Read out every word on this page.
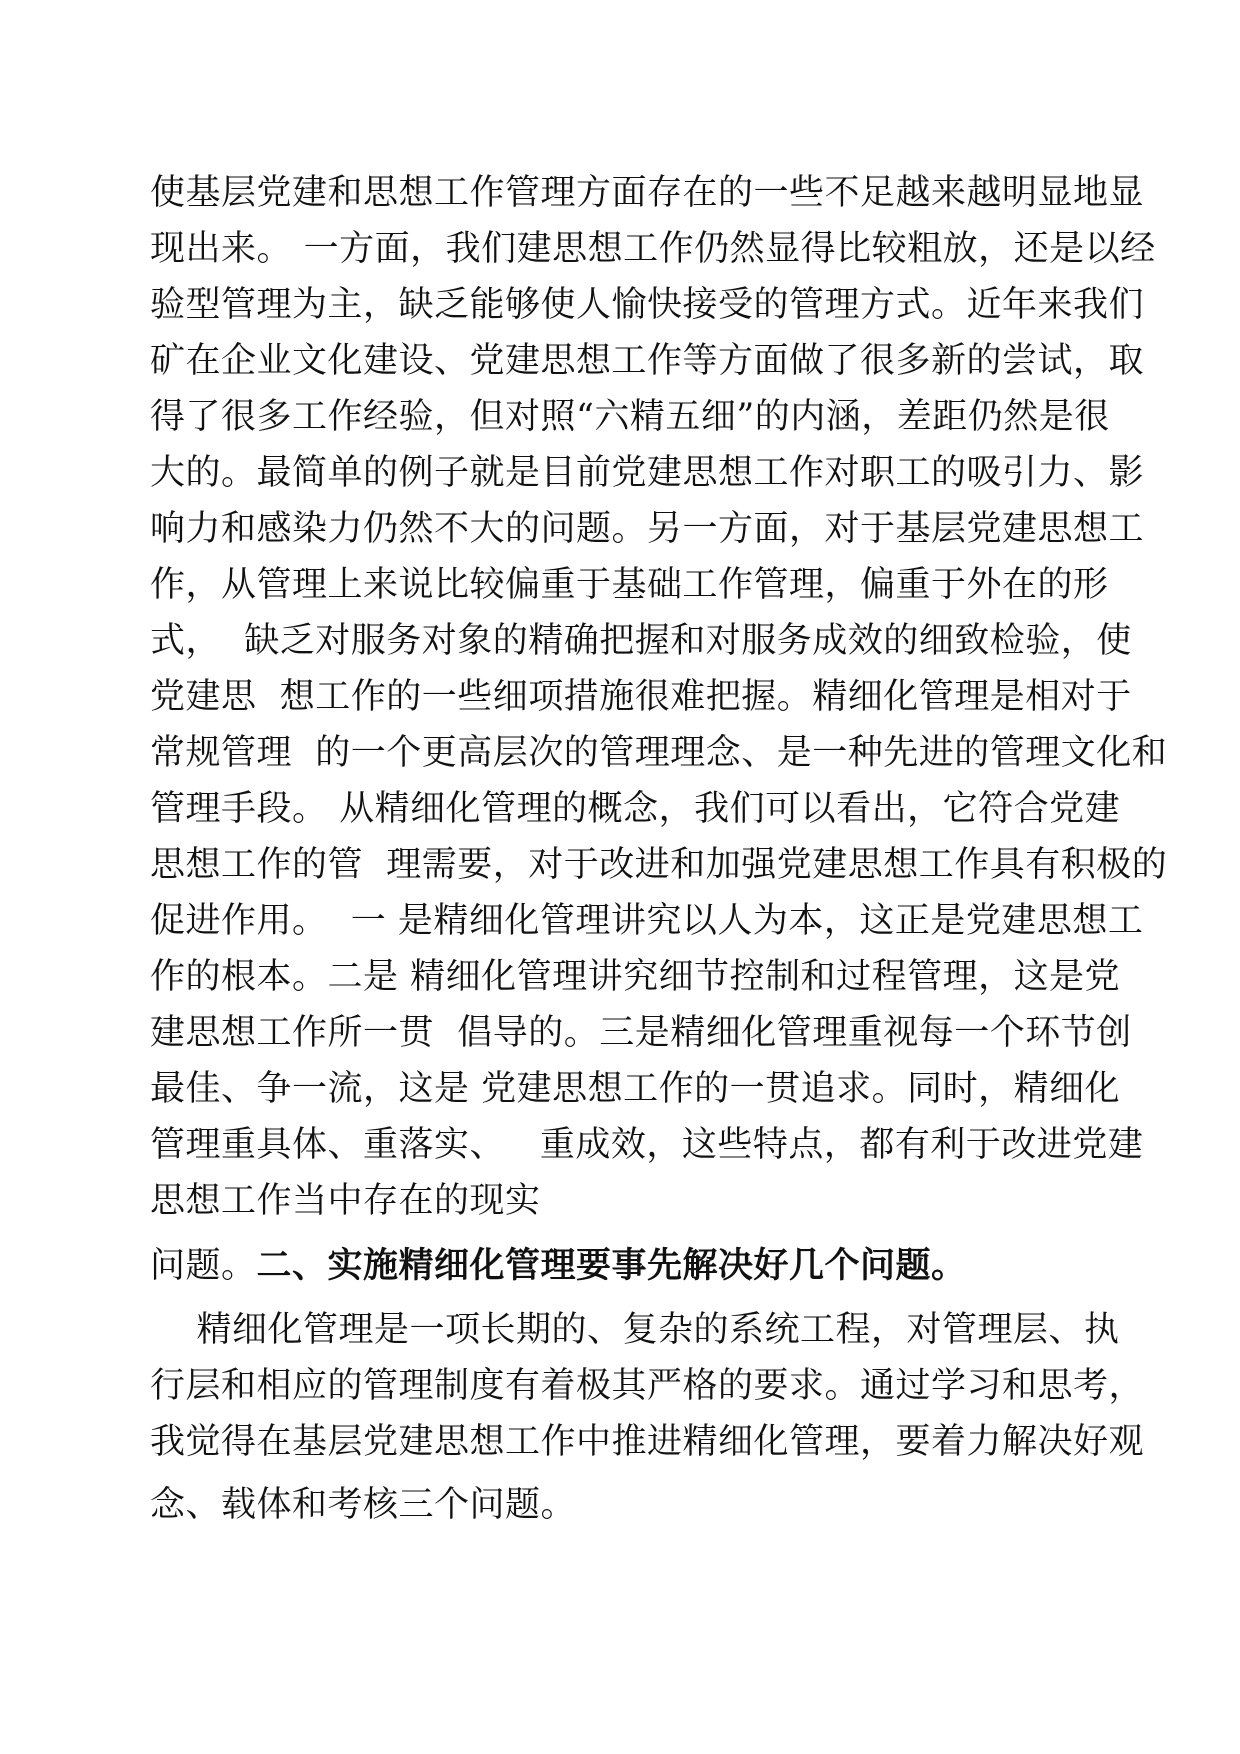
使基层党建和思想工作管理方面存在的一些不足越来越明显地显
现出来。 一方面，我们建思想工作仍然显得比较粗放，还是以经
验型管理为主，缺乏能够使人愉快接受的管理方式。近年来我们
矿在企业文化建设、党建思想工作等方面做了很多新的尝试，取
得了很多工作经验，但对照“六精五细”的内涵，差距仍然是很
大的。最简单的例子就是目前党建思想工作对职工的吸引力、影
响力和感染力仍然不大的问题。另一方面，对于基层党建思想工
作，从管理上来说比较偏重于基础工作管理，偏重于外在的形
式，  缺乏对服务对象的精确把握和对服务成效的细致检验，使
党建思  想工作的一些细项措施很难把握。精细化管理是相对于
常规管理  的一个更高层次的管理理念、是一种先进的管理文化和
管理手段。 从精细化管理的概念，我们可以看出，它符合党建
思想工作的管  理需要，对于改进和加强党建思想工作具有积极的
促进作用。  一 是精细化管理讲究以人为本，这正是党建思想工
作的根本。二是 精细化管理讲究细节控制和过程管理，这是党
建思想工作所一贯  倡导的。三是精细化管理重视每一个环节创
最佳、争一流，这是 党建思想工作的一贯追求。同时，精细化
管理重具体、重落实、   重成效，这些特点，都有利于改进党建
思想工作当中存在的现实
问题。二、实施精细化管理要事先解决好几个问题。
精细化管理是一项长期的、复杂的系统工程，对管理层、执
行层和相应的管理制度有着极其严格的要求。通过学习和思考，
我觉得在基层党建思想工作中推进精细化管理，要着力解决好观
念、载体和考核三个问题。
